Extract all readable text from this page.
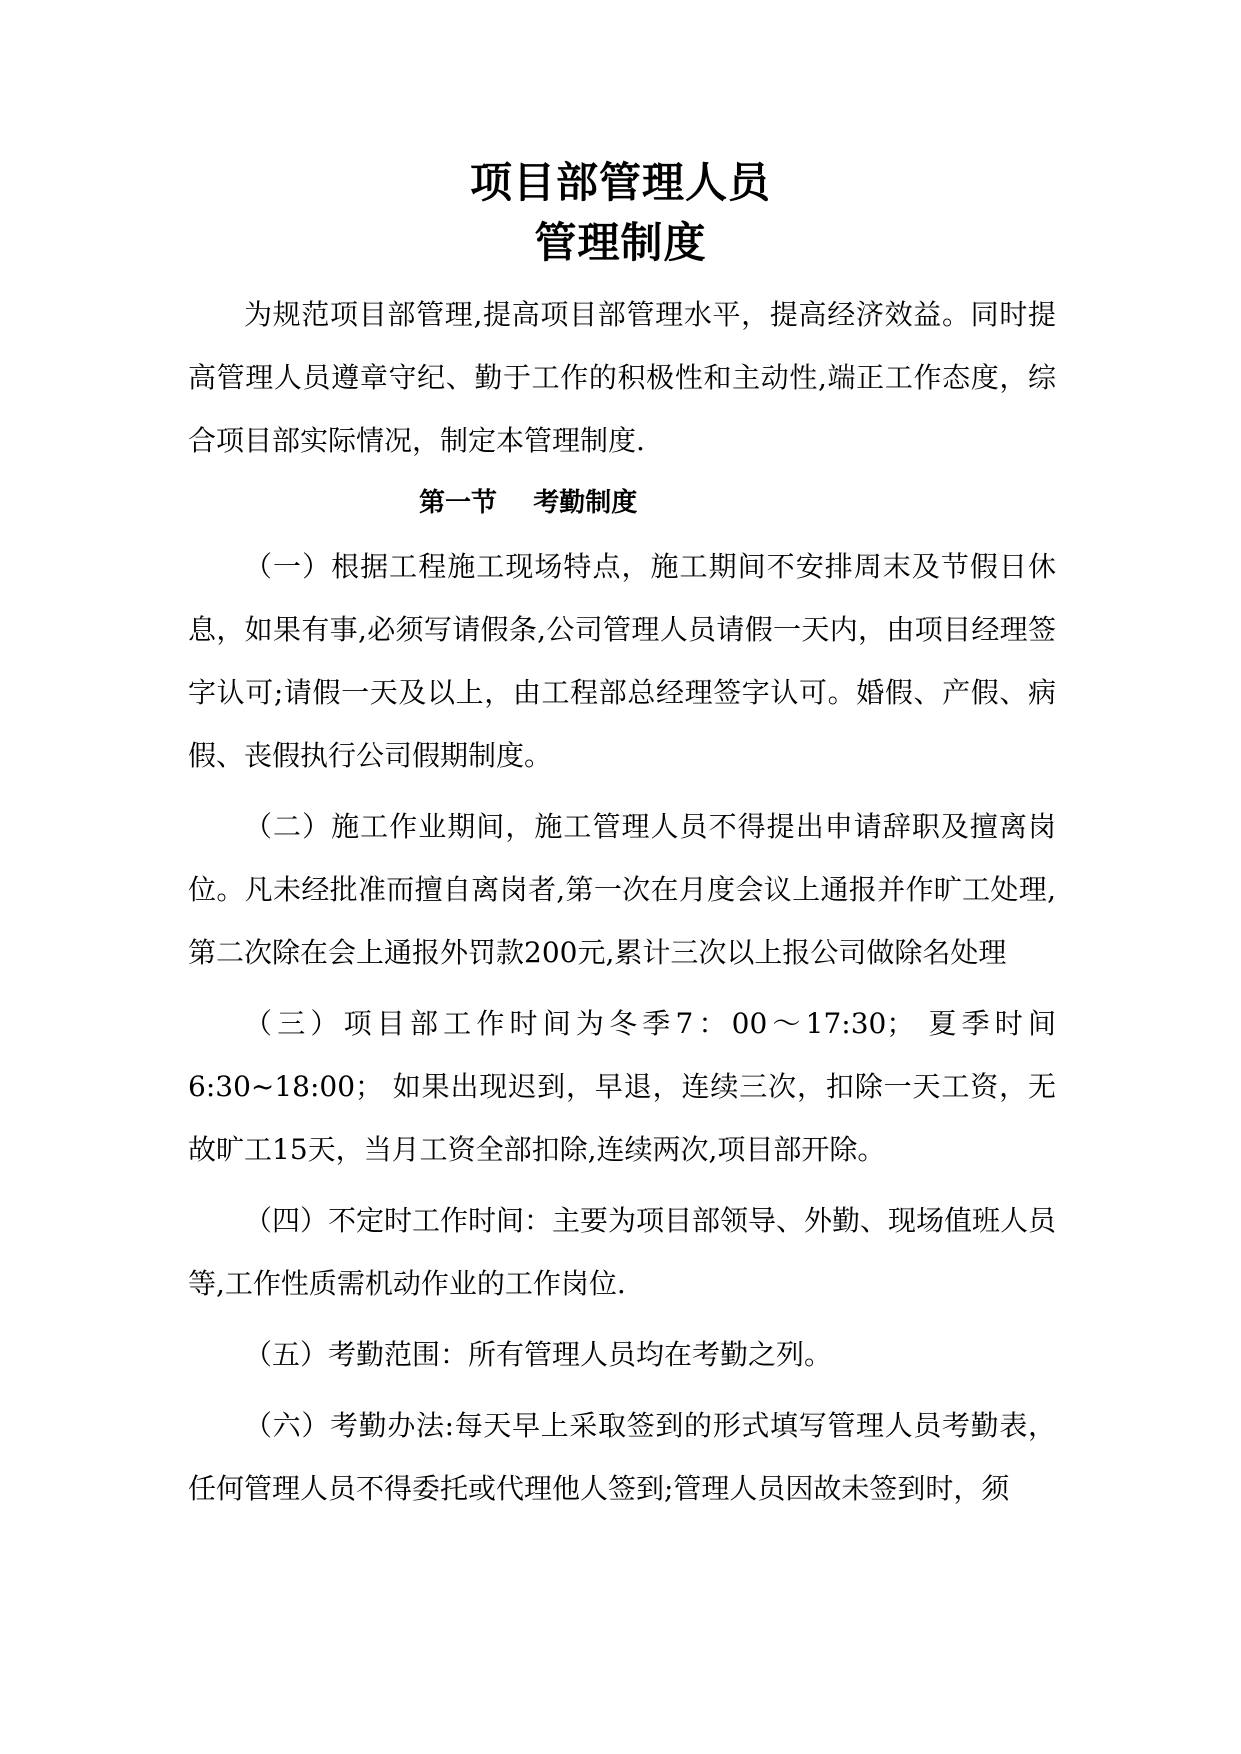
项目部管理人员
管理制度

为规范项目部管理,提高项目部管理水平，提高经济效益。同时提高管理人员遵章守纪、勤于工作的积极性和主动性,端正工作态度，综合项目部实际情况，制定本管理制度.

第一节    考勤制度

（一）根据工程施工现场特点，施工期间不安排周末及节假日休息，如果有事,必须写请假条,公司管理人员请假一天内，由项目经理签字认可;请假一天及以上，由工程部总经理签字认可。婚假、产假、病假、丧假执行公司假期制度。

（二）施工作业期间，施工管理人员不得提出申请辞职及擅离岗位。凡未经批准而擅自离岗者,第一次在月度会议上通报并作旷工处理,第二次除在会上通报外罚款200元,累计三次以上报公司做除名处理

（三）项目部工作时间为冬季7：00～17:30； 夏季时间6:30~18:00； 如果出现迟到，早退，连续三次，扣除一天工资，无故旷工15天，当月工资全部扣除,连续两次,项目部开除。

（四）不定时工作时间：主要为项目部领导、外勤、现场值班人员等,工作性质需机动作业的工作岗位.

（五）考勤范围：所有管理人员均在考勤之列。

（六）考勤办法:每天早上采取签到的形式填写管理人员考勤表，任何管理人员不得委托或代理他人签到;管理人员因故未签到时，须
